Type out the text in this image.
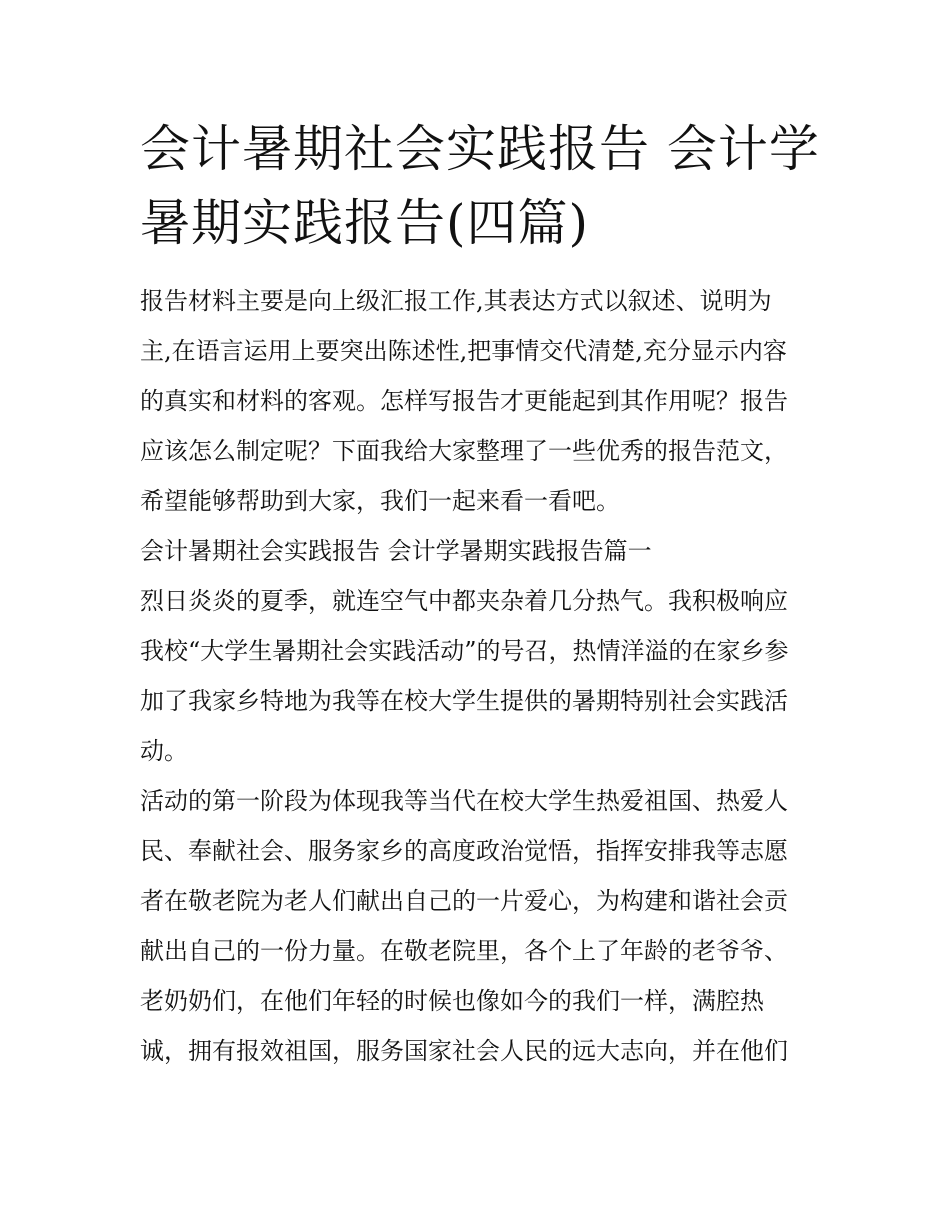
会计暑期社会实践报告 会计学
暑期实践报告(四篇)
报告材料主要是向上级汇报工作,其表达方式以叙述、说明为
主,在语言运用上要突出陈述性,把事情交代清楚,充分显示内容
的真实和材料的客观。怎样写报告才更能起到其作用呢？报告
应该怎么制定呢？下面我给大家整理了一些优秀的报告范文，
希望能够帮助到大家，我们一起来看一看吧。
会计暑期社会实践报告 会计学暑期实践报告篇一
烈日炎炎的夏季，就连空气中都夹杂着几分热气。我积极响应
我校“大学生暑期社会实践活动”的号召，热情洋溢的在家乡参
加了我家乡特地为我等在校大学生提供的暑期特别社会实践活
动。
活动的第一阶段为体现我等当代在校大学生热爱祖国、热爱人
民、奉献社会、服务家乡的高度政治觉悟，指挥安排我等志愿
者在敬老院为老人们献出自己的一片爱心，为构建和谐社会贡
献出自己的一份力量。在敬老院里，各个上了年龄的老爷爷、
老奶奶们，在他们年轻的时候也像如今的我们一样，满腔热
诚，拥有报效祖国，服务国家社会人民的远大志向，并在他们
